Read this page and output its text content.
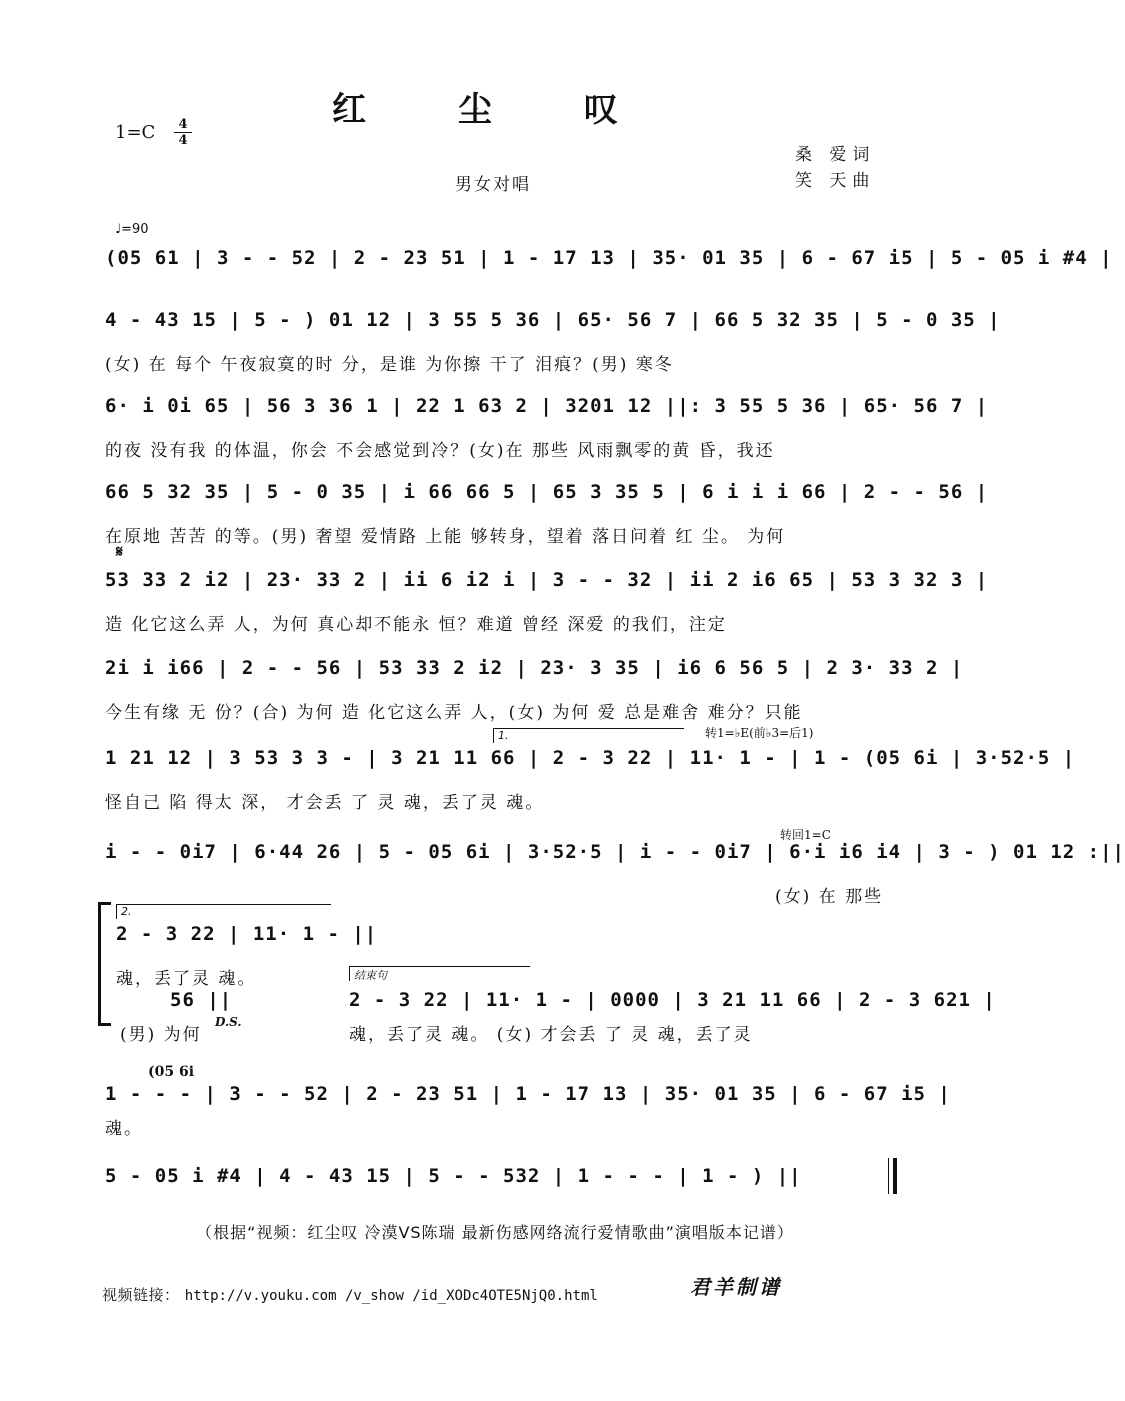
红 尘 叹
1=C	4
4
桑 爱词
笑 天曲
男女对唱
♩=90
(05 61 | 3 - - 52 | 2 - 23 51 | 1 - 17 13 | 35· 01 35 | 6 - 67 i5 | 5 - 05 i #4 |
4 - 43 15 | 5 - ) 01 12 | 3 55 5 36 | 65· 56 7 | 66 5 32 35 | 5 - 0 35 |
(女) 在 每个 午夜寂寞的时 分，是谁 为你擦 干了 泪痕？(男) 寒冬
6· i 0i 65 | 56 3 36 1 | 22 1 63 2 | 3201 12 ||: 3 55 5 36 | 65· 56 7 |
的夜 没有我 的体温，你会 不会感觉到冷？(女)在 那些 风雨飘零的黄 昏，我还
66 5 32 35 | 5 - 0 35 | i 66 66 5 | 65 3 35 5 | 6 i i i 66 | 2 - - 56 |
在原地 苦苦 的等。(男) 奢望 爱情路 上能 够转身，望着 落日问着 红 尘。 为何
𝄋
53 33 2 i2 | 23· 33 2 | ii 6 i2 i | 3 - - 32 | ii 2 i6 65 | 53 3 32 3 |
造 化它这么弄 人，为何 真心却不能永 恒？难道 曾经 深爱 的我们，注定
2i i i66 | 2 - - 56 | 53 33 2 i2 | 23· 3 35 | i6 6 56 5 | 2 3· 33 2 |
今生有缘 无 份？(合) 为何 造 化它这么弄 人，(女) 为何 爱 总是难舍 难分？只能
1.	转1=♭E(前♭3=后1)
1 21 12 | 3 53 3 3 - | 3 21 11 66 | 2 - 3 22 | 11· 1 - | 1 - (05 6i | 3·52·5 |
怪自己 陷 得太 深， 才会丢 了 灵 魂，丢了灵 魂。
转回1=C
i - - 0i7 | 6·44 26 | 5 - 05 6i | 3·52·5 | i - - 0i7 | 6·i i6 i4 | 3 - ) 01 12 :||
(女) 在 那些
2.
2 - 3 22 | 11· 1 - ||
魂，丢了灵 魂。
56 ||
(男) 为何
D.S.
结束句
2 - 3 22 | 11· 1 - | 0000 | 3 21 11 66 | 2 - 3 621 |
魂，丢了灵 魂。 (女) 才会丢 了 灵 魂，丢了灵
(05 6i
1 - - - | 3 - - 52 | 2 - 23 51 | 1 - 17 13 | 35· 01 35 | 6 - 67 i5 |
魂。
5 - 05 i #4 | 4 - 43 15 | 5 - - 532 | 1 - - - | 1 - ) ||
（根据“视频：红尘叹 冷漠VS陈瑞 最新伤感网络流行爱情歌曲”演唱版本记谱）
视频链接： http://v.youku.com /v_show /id_XODc4OTE5NjQ0.html	君羊制谱
